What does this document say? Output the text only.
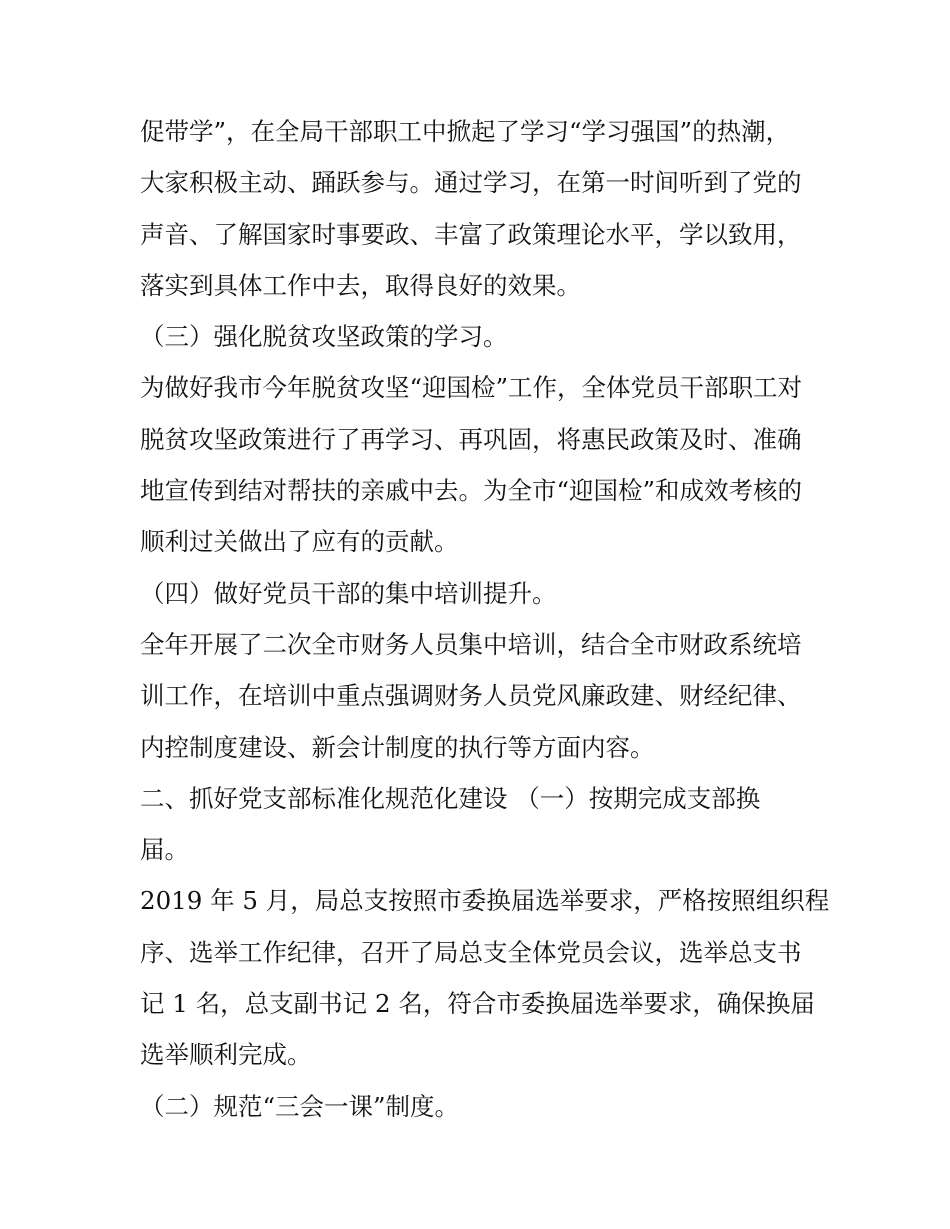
促带学”，在全局干部职工中掀起了学习“学习强国”的热潮，
大家积极主动、踊跃参与。通过学习，在第一时间听到了党的
声音、了解国家时事要政、丰富了政策理论水平，学以致用，
落实到具体工作中去，取得良好的效果。
（三）强化脱贫攻坚政策的学习。
为做好我市今年脱贫攻坚“迎国检”工作，全体党员干部职工对
脱贫攻坚政策进行了再学习、再巩固，将惠民政策及时、准确
地宣传到结对帮扶的亲戚中去。为全市“迎国检”和成效考核的
顺利过关做出了应有的贡献。
（四）做好党员干部的集中培训提升。
全年开展了二次全市财务人员集中培训，结合全市财政系统培
训工作，在培训中重点强调财务人员党风廉政建、财经纪律、
内控制度建设、新会计制度的执行等方面内容。
二、抓好党支部标准化规范化建设 （一）按期完成支部换
届。
2019 年 5 月，局总支按照市委换届选举要求，严格按照组织程
序、选举工作纪律，召开了局总支全体党员会议，选举总支书
记 1 名，总支副书记 2 名，符合市委换届选举要求，确保换届
选举顺利完成。
（二）规范“三会一课”制度。
